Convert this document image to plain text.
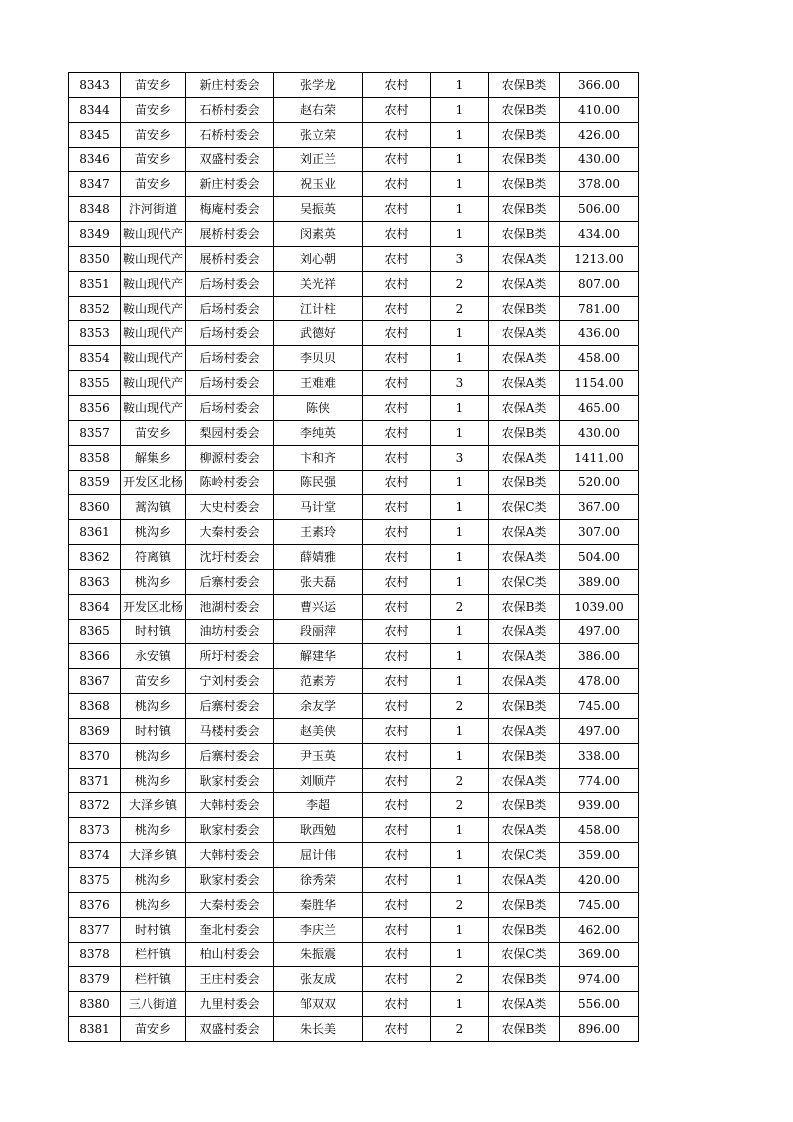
8343	苗安乡	新庄村委会	张学龙	农村	1	农保B类	366.00
8344	苗安乡	石桥村委会	赵右荣	农村	1	农保B类	410.00
8345	苗安乡	石桥村委会	张立荣	农村	1	农保B类	426.00
8346	苗安乡	双盛村委会	刘正兰	农村	1	农保B类	430.00
8347	苗安乡	新庄村委会	祝玉业	农村	1	农保B类	378.00
8348	汴河街道	梅庵村委会	吴振英	农村	1	农保B类	506.00
8349	鞍山现代产	展桥村委会	闵素英	农村	1	农保B类	434.00
8350	鞍山现代产	展桥村委会	刘心朝	农村	3	农保A类	1213.00
8351	鞍山现代产	后场村委会	关光祥	农村	2	农保A类	807.00
8352	鞍山现代产	后场村委会	江计柱	农村	2	农保B类	781.00
8353	鞍山现代产	后场村委会	武德好	农村	1	农保A类	436.00
8354	鞍山现代产	后场村委会	李贝贝	农村	1	农保A类	458.00
8355	鞍山现代产	后场村委会	王难难	农村	3	农保A类	1154.00
8356	鞍山现代产	后场村委会	陈侠	农村	1	农保A类	465.00
8357	苗安乡	梨园村委会	李纯英	农村	1	农保B类	430.00
8358	解集乡	柳源村委会	卞和齐	农村	3	农保A类	1411.00
8359	开发区北杨	陈岭村委会	陈民强	农村	1	农保B类	520.00
8360	蒿沟镇	大史村委会	马计堂	农村	1	农保C类	367.00
8361	桃沟乡	大秦村委会	王素玲	农村	1	农保A类	307.00
8362	符离镇	沈圩村委会	薛婧雅	农村	1	农保A类	504.00
8363	桃沟乡	后寨村委会	张夫磊	农村	1	农保C类	389.00
8364	开发区北杨	池湖村委会	曹兴运	农村	2	农保B类	1039.00
8365	时村镇	油坊村委会	段丽萍	农村	1	农保A类	497.00
8366	永安镇	所圩村委会	解建华	农村	1	农保A类	386.00
8367	苗安乡	宁刘村委会	范素芳	农村	1	农保A类	478.00
8368	桃沟乡	后寨村委会	余友学	农村	2	农保B类	745.00
8369	时村镇	马楼村委会	赵美侠	农村	1	农保A类	497.00
8370	桃沟乡	后寨村委会	尹玉英	农村	1	农保B类	338.00
8371	桃沟乡	耿家村委会	刘顺芹	农村	2	农保A类	774.00
8372	大泽乡镇	大韩村委会	李超	农村	2	农保B类	939.00
8373	桃沟乡	耿家村委会	耿西勉	农村	1	农保A类	458.00
8374	大泽乡镇	大韩村委会	屈计伟	农村	1	农保C类	359.00
8375	桃沟乡	耿家村委会	徐秀荣	农村	1	农保A类	420.00
8376	桃沟乡	大秦村委会	秦胜华	农村	2	农保B类	745.00
8377	时村镇	奎北村委会	李庆兰	农村	1	农保B类	462.00
8378	栏杆镇	柏山村委会	朱振震	农村	1	农保C类	369.00
8379	栏杆镇	王庄村委会	张友成	农村	2	农保B类	974.00
8380	三八街道	九里村委会	邹双双	农村	1	农保A类	556.00
8381	苗安乡	双盛村委会	朱长美	农村	2	农保B类	896.00
